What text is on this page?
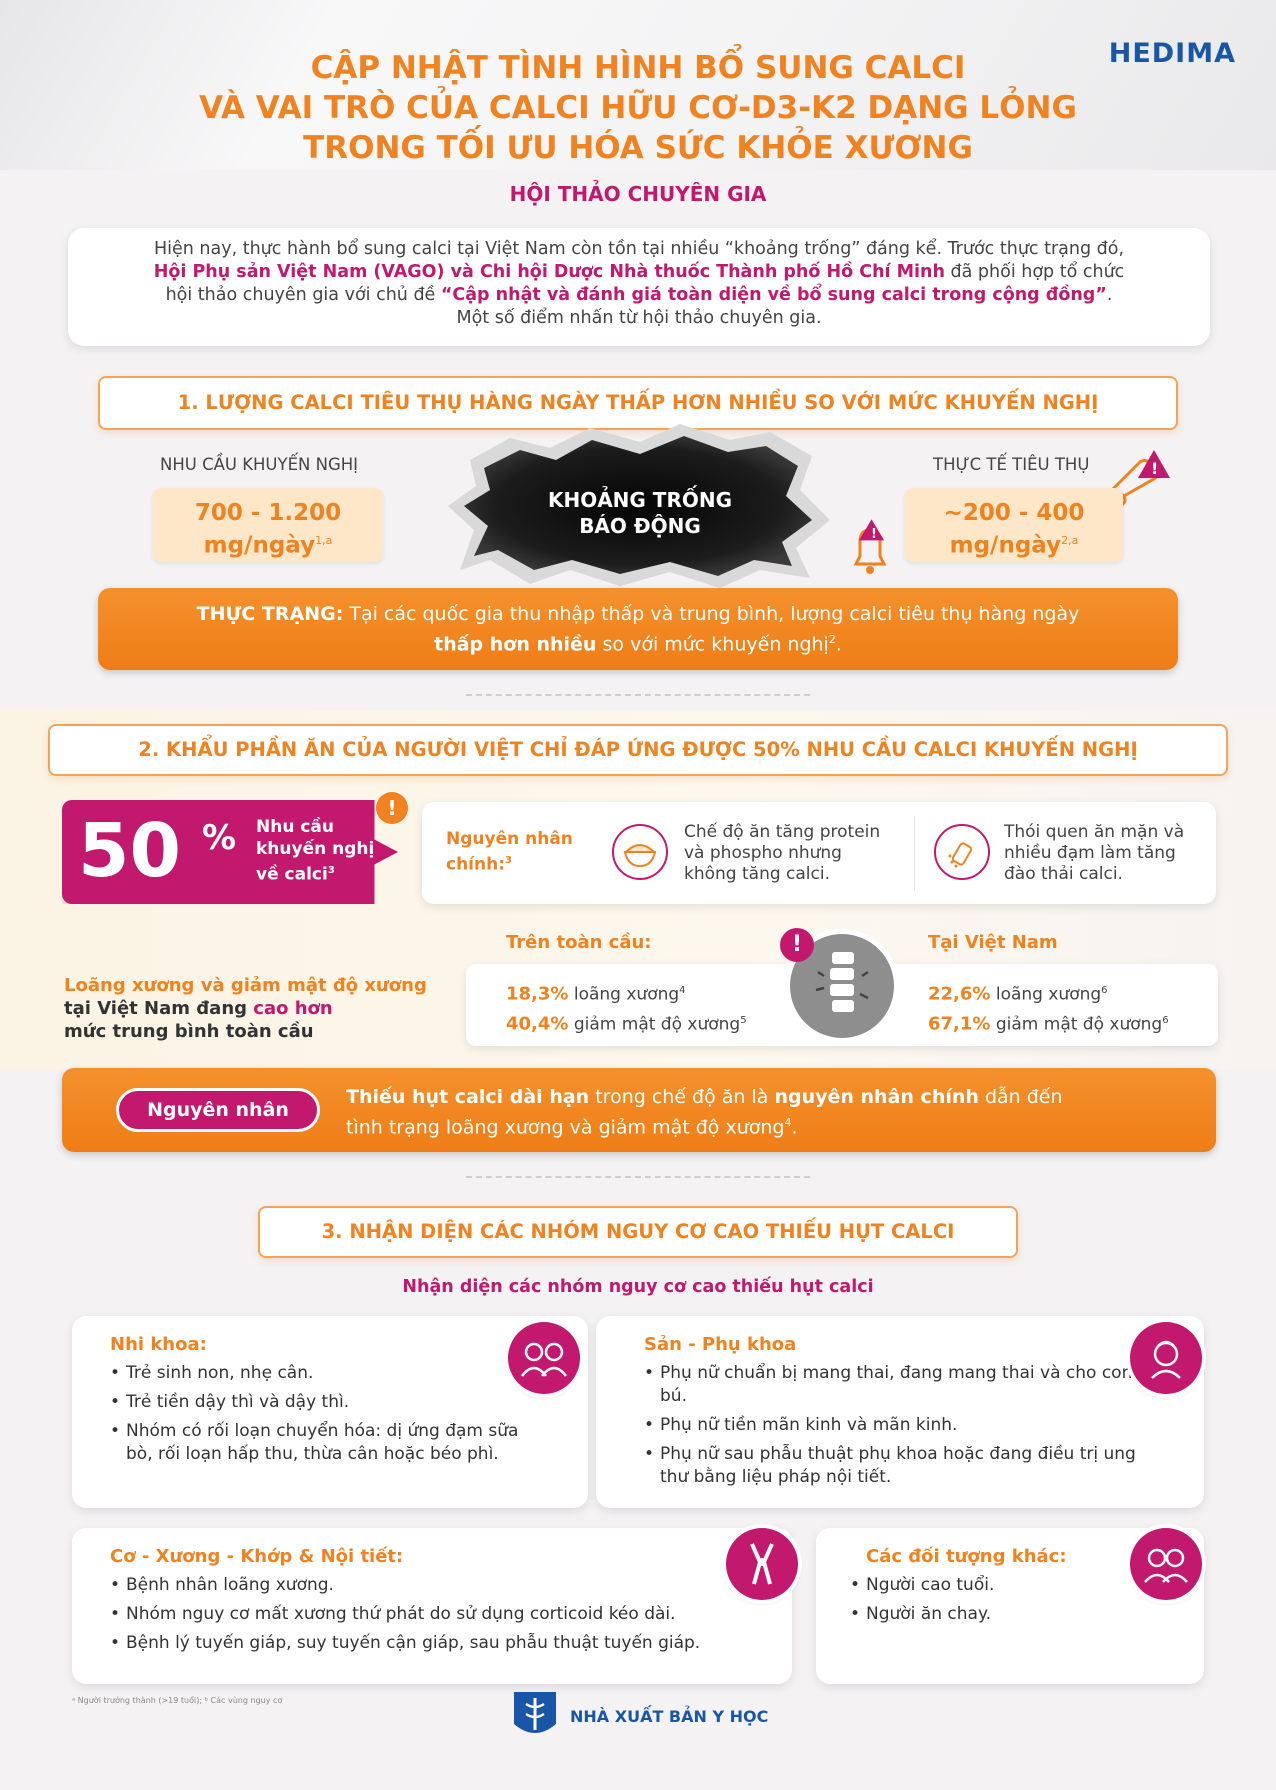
HEDIMA
CẬP NHẬT TÌNH HÌNH BỔ SUNG CALCI
VÀ VAI TRÒ CỦA CALCI HỮU CƠ-D3-K2 DẠNG LỎNG
TRONG TỐI ƯU HÓA SỨC KHỎE XƯƠNG
HỘI THẢO CHUYÊN GIA
Hiện nay, thực hành bổ sung calci tại Việt Nam còn tồn tại nhiều “khoảng trống” đáng kể. Trước thực trạng đó,
Hội Phụ sản Việt Nam (VAGO) và Chi hội Dược Nhà thuốc Thành phố Hồ Chí Minh đã phối hợp tổ chức
hội thảo chuyên gia với chủ đề “Cập nhật và đánh giá toàn diện về bổ sung calci trong cộng đồng”.
Một số điểm nhấn từ hội thảo chuyên gia.
1. LƯỢNG CALCI TIÊU THỤ HÀNG NGÀY THẤP HƠN NHIỀU SO VỚI MỨC KHUYẾN NGHỊ
NHU CẦU KHUYẾN NGHỊ
700 - 1.200
mg/ngày$^{1,a}$
KHOẢNG TRỐNG
BÁO ĐỘNG	!
!
THỰC TẾ TIÊU THỤ
~200 - 400
mg/ngày$^{2,a}$
THỰC TRẠNG: Tại các quốc gia thu nhập thấp và trung bình, lượng calci tiêu thụ hàng ngày
thấp hơn nhiều so với mức khuyến nghị$^2$.
2. KHẨU PHẦN ĂN CỦA NGƯỜI VIỆT CHỈ ĐÁP ỨNG ĐƯỢC 50% NHU CẦU CALCI KHUYẾN NGHỊ
50 % Nhu cầu
khuyến nghị
về calci$^3$
!
Nguyên nhân
chính:$^3$
Chế độ ăn tăng protein và phospho nhưng không tăng calci.
Thói quen ăn mặn và nhiều đạm làm tăng đào thải calci.
Trên toàn cầu:	Tại Việt Nam
Loãng xương và giảm mật độ xương
tại Việt Nam đang cao hơn
mức trung bình toàn cầu
18,3% loãng xương$^4$
40,4% giảm mật độ xương$^5$
22,6% loãng xương$^6$
67,1% giảm mật độ xương$^6$
!
Nguyên nhân
Thiếu hụt calci dài hạn trong chế độ ăn là nguyên nhân chính dẫn đến
tình trạng loãng xương và giảm mật độ xương$^4$.
3. NHẬN DIỆN CÁC NHÓM NGUY CƠ CAO THIẾU HỤT CALCI
Nhận diện các nhóm nguy cơ cao thiếu hụt calci
Nhi khoa:
• Trẻ sinh non, nhẹ cân.
• Trẻ tiền dậy thì và dậy thì.
• Nhóm có rối loạn chuyển hóa: dị ứng đạm sữa bò, rối loạn hấp thu, thừa cân hoặc béo phì.
Sản - Phụ khoa
• Phụ nữ chuẩn bị mang thai, đang mang thai và cho con bú.
• Phụ nữ tiền mãn kinh và mãn kinh.
• Phụ nữ sau phẫu thuật phụ khoa hoặc đang điều trị ung thư bằng liệu pháp nội tiết.
Cơ - Xương - Khớp & Nội tiết:
• Bệnh nhân loãng xương.
• Nhóm nguy cơ mất xương thứ phát do sử dụng corticoid kéo dài.
• Bệnh lý tuyến giáp, suy tuyến cận giáp, sau phẫu thuật tuyến giáp.
Các đối tượng khác:
• Người cao tuổi.
• Người ăn chay.
ᵃ Người trưởng thành (>19 tuổi); ᵇ Các vùng nguy cơ
NHÀ XUẤT BẢN Y HỌC
